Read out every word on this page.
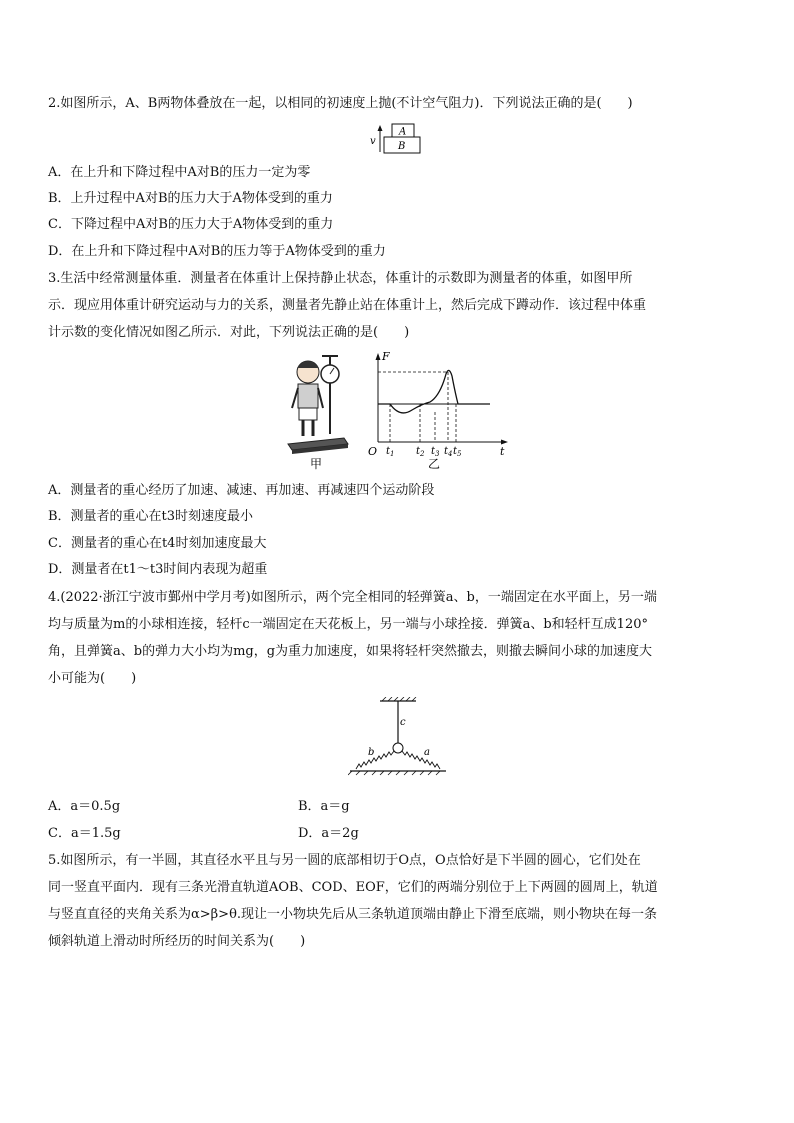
2.如图所示，A、B两物体叠放在一起，以相同的初速度上抛(不计空气阻力)．下列说法正确的是(　　)
v
A
B
A．在上升和下降过程中A对B的压力一定为零
B．上升过程中A对B的压力大于A物体受到的重力
C．下降过程中A对B的压力大于A物体受到的重力
D．在上升和下降过程中A对B的压力等于A物体受到的重力
3.生活中经常测量体重．测量者在体重计上保持静止状态，体重计的示数即为测量者的体重，如图甲所
示．现应用体重计研究运动与力的关系，测量者先静止站在体重计上，然后完成下蹲动作．该过程中体重
计示数的变化情况如图乙所示．对此，下列说法正确的是(　　)
甲
F
t
O $t_1$ $t_2$ $t_3$ $t_4$ $t_5$
乙
A．测量者的重心经历了加速、减速、再加速、再减速四个运动阶段
B．测量者的重心在t3时刻速度最小
C．测量者的重心在t4时刻加速度最大
D．测量者在t1～t3时间内表现为超重
4.(2022·浙江宁波市鄞州中学月考)如图所示，两个完全相同的轻弹簧a、b，一端固定在水平面上，另一端
均与质量为m的小球相连接，轻杆c一端固定在天花板上，另一端与小球拴接．弹簧a、b和轻杆互成120°
角，且弹簧a、b的弹力大小均为mg，g为重力加速度，如果将轻杆突然撤去，则撤去瞬间小球的加速度大
小可能为(　　)
c
b	a
A．a＝0.5g	B．a＝g
C．a＝1.5g	D．a＝2g
5.如图所示，有一半圆，其直径水平且与另一圆的底部相切于O点，O点恰好是下半圆的圆心，它们处在
同一竖直平面内．现有三条光滑直轨道AOB、COD、EOF，它们的两端分别位于上下两圆的圆周上，轨道
与竖直直径的夹角关系为α>β>θ.现让一小物块先后从三条轨道顶端由静止下滑至底端，则小物块在每一条
倾斜轨道上滑动时所经历的时间关系为(　　)
